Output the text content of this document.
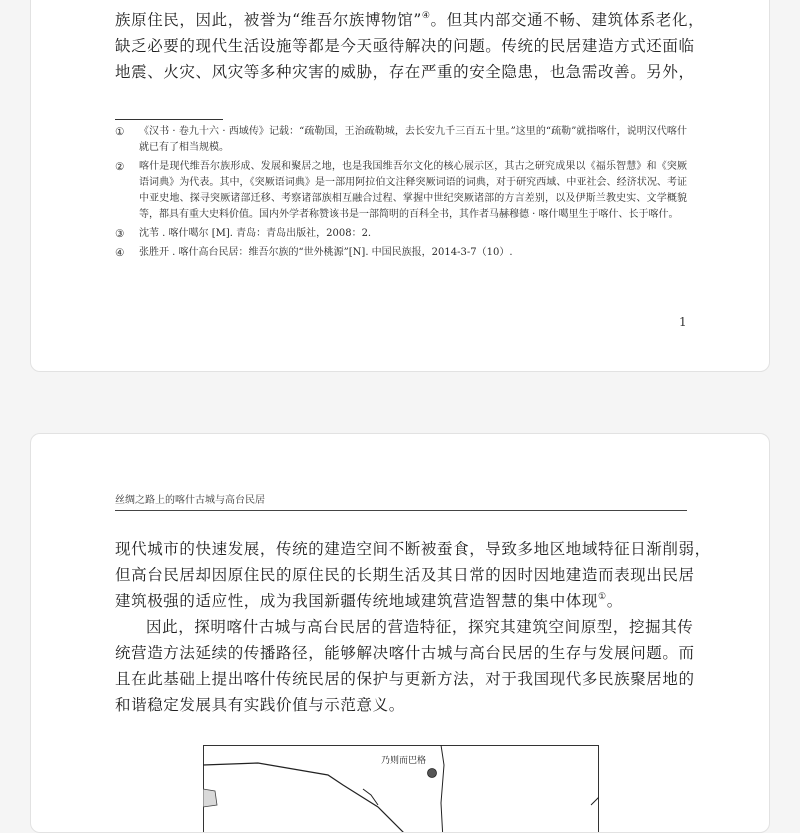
族原住民，因此，被誉为“维吾尔族博物馆”④。但其内部交通不畅、建筑体系老化，
缺乏必要的现代生活设施等都是今天亟待解决的问题。传统的民居建造方式还面临
地震、火灾、风灾等多种灾害的威胁，存在严重的安全隐患，也急需改善。另外，
① 《汉书 · 卷九十六 · 西域传》记载：“疏勒国，王治疏勒城，去长安九千三百五十里。”这里的“疏勒”就指喀什，说明汉代喀什就已有了相当规模。
② 喀什是现代维吾尔族形成、发展和聚居之地，也是我国维吾尔文化的核心展示区，其古之研究成果以《福乐智慧》和《突厥语词典》为代表。其中，《突厥语词典》是一部用阿拉伯文注释突厥词语的词典，对于研究西域、中亚社会、经济状况、考证中亚史地、探寻突厥诸部迁移、考察诸部族相互融合过程、掌握中世纪突厥诸部的方言差别，以及伊斯兰教史实、文学概貌等，都具有重大史料价值。国内外学者称赞该书是一部简明的百科全书，其作者马赫穆德 · 喀什噶里生于喀什、长于喀什。
③ 沈苇 . 喀什噶尔 [M]. 青岛：青岛出版社，2008：2.
④ 张胜开 . 喀什高台民居：维吾尔族的“世外桃源”[N]. 中国民族报，2014-3-7（10）.
1
丝绸之路上的喀什古城与高台民居
现代城市的快速发展，传统的建造空间不断被蚕食，导致多地区地域特征日渐削弱，
但高台民居却因原住民的原住民的长期生活及其日常的因时因地建造而表现出民居
建筑极强的适应性，成为我国新疆传统地域建筑营造智慧的集中体现①。
因此，探明喀什古城与高台民居的营造特征，探究其建筑空间原型，挖掘其传
统营造方法延续的传播路径，能够解决喀什古城与高台民居的生存与发展问题。而
且在此基础上提出喀什传统民居的保护与更新方法，对于我国现代多民族聚居地的
和谐稳定发展具有实践价值与示范意义。
乃则而巴格
